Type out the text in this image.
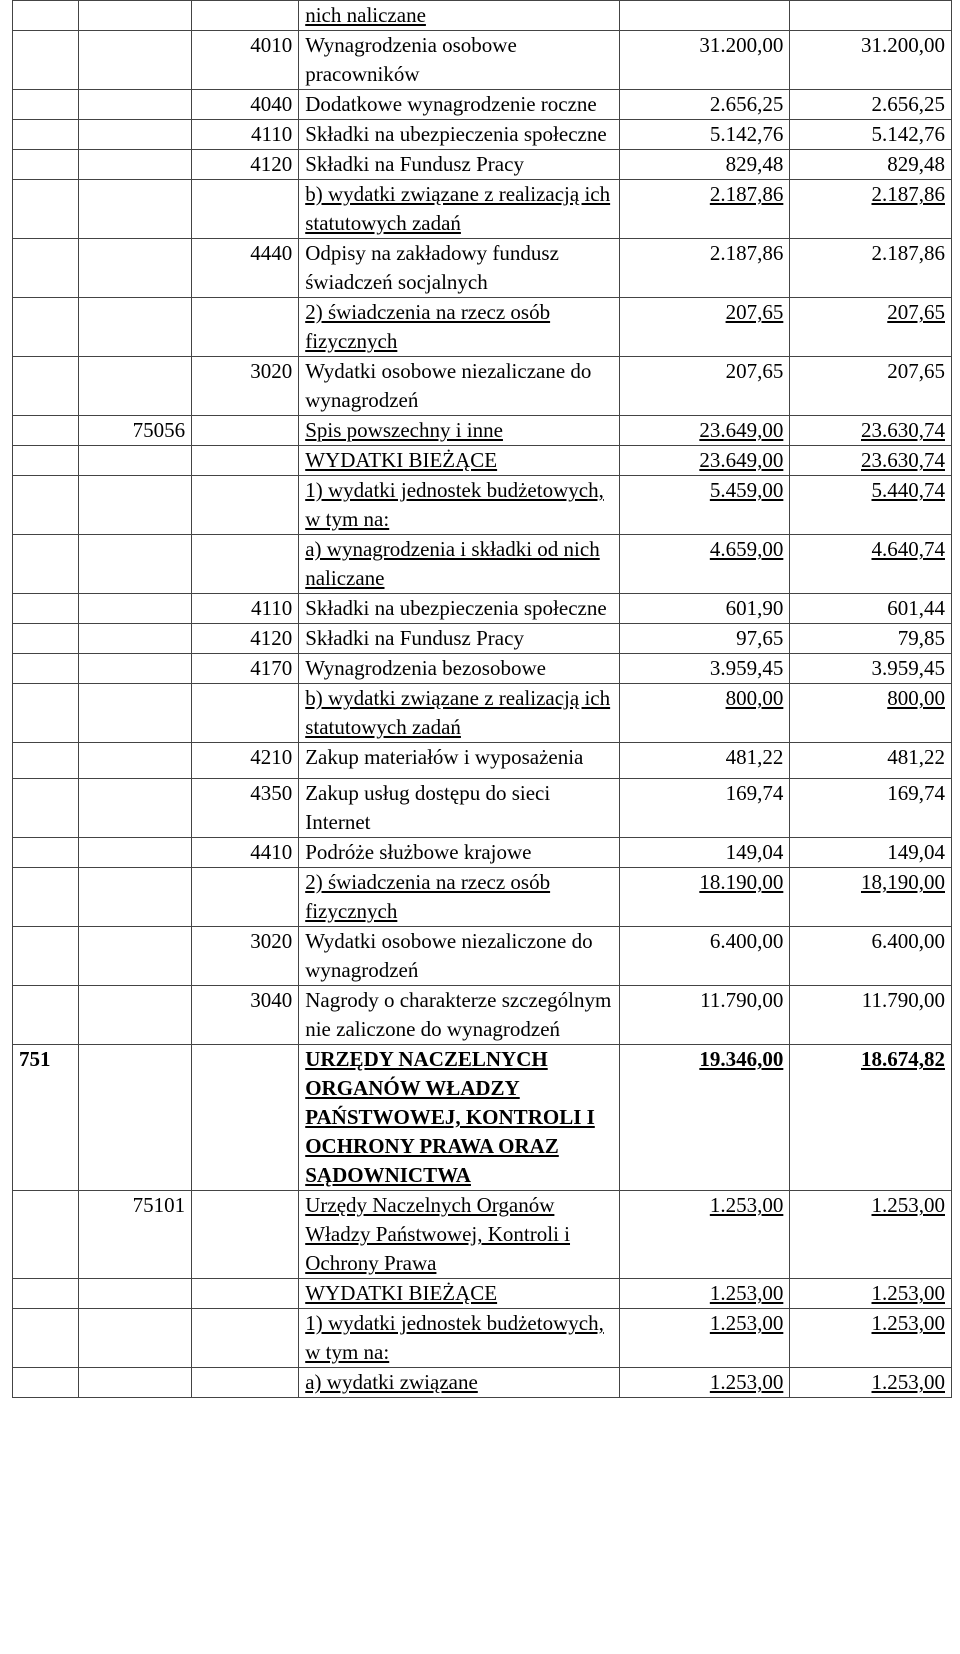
			nich naliczane		
		4010	Wynagrodzenia osobowe pracowników	31.200,00	31.200,00
		4040	Dodatkowe wynagrodzenie roczne	2.656,25	2.656,25
		4110	Składki na ubezpieczenia społeczne	5.142,76	5.142,76
		4120	Składki na Fundusz Pracy	829,48	829,48
			b) wydatki związane z realizacją ich statutowych zadań	2.187,86	2.187,86
		4440	Odpisy na zakładowy fundusz świadczeń socjalnych	2.187,86	2.187,86
			2) świadczenia na rzecz osób fizycznych	207,65	207,65
		3020	Wydatki osobowe niezaliczane do wynagrodzeń	207,65	207,65
	75056		Spis powszechny i inne	23.649,00	23.630,74
			WYDATKI BIEŻĄCE	23.649,00	23.630,74
			1) wydatki jednostek budżetowych, w tym na:	5.459,00	5.440,74
			a) wynagrodzenia i składki od nich naliczane	4.659,00	4.640,74
		4110	Składki na ubezpieczenia społeczne	601,90	601,44
		4120	Składki na Fundusz Pracy	97,65	79,85
		4170	Wynagrodzenia bezosobowe	3.959,45	3.959,45
			b) wydatki związane z realizacją ich statutowych zadań	800,00	800,00
		4210	Zakup materiałów i wyposażenia	481,22	481,22
		4350	Zakup usług dostępu do sieci Internet	169,74	169,74
		4410	Podróże służbowe krajowe	149,04	149,04
			2) świadczenia na rzecz osób fizycznych	18.190,00	18,190,00
		3020	Wydatki osobowe niezaliczone do wynagrodzeń	6.400,00	6.400,00
		3040	Nagrody o charakterze szczególnym nie zaliczone do wynagrodzeń	11.790,00	11.790,00
751			URZĘDY NACZELNYCH ORGANÓW WŁADZY PAŃSTWOWEJ, KONTROLI I OCHRONY PRAWA ORAZ SĄDOWNICTWA	19.346,00	18.674,82
	75101		Urzędy Naczelnych Organów Władzy Państwowej, Kontroli i Ochrony Prawa	1.253,00	1.253,00
			WYDATKI BIEŻĄCE	1.253,00	1.253,00
			1) wydatki jednostek budżetowych, w tym na:	1.253,00	1.253,00
			a) wydatki związane	1.253,00	1.253,00
